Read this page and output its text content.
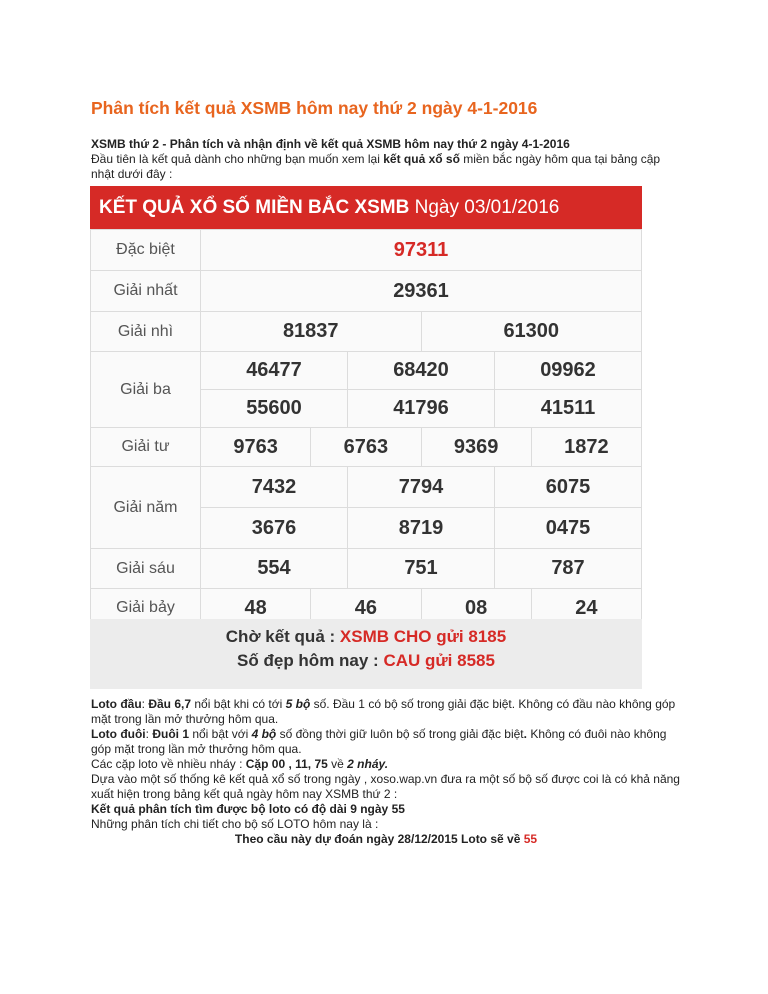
Phân tích kết quả XSMB hôm nay thứ 2 ngày 4-1-2016

XSMB thứ 2 - Phân tích và nhận định về kết quả XSMB hôm nay thứ 2 ngày 4-1-2016

Đầu tiên là kết quả dành cho những bạn muốn xem lại kết quả xổ số miền bắc ngày hôm qua tại bảng cập nhật dưới đây :

KẾT QUẢ XỔ SỐ MIỀN BẮC XSMB Ngày 03/01/2016
Đặc biệt	97311					
Giải nhất	29361					
Giải nhì	81837			61300		
Giải ba	46477		68420		09962	
	55600		41796		41511	
Giải tư	9763	6763		9369		1872
Giải năm	7432		7794		6075	
	3676		8719		0475	
Giải sáu	554		751		787	
Giải bảy	48	46		08		24
Chờ kết quả : XSMB CHO gửi 8185
Số đẹp hôm nay : CAU gửi 8585

Loto đầu: Đầu 6,7 nổi bật khi có tới 5 bộ số. Đầu 1 có bộ số trong giải đặc biệt. Không có đầu nào không góp mặt trong lần mở thưởng hôm qua.

Loto đuôi: Đuôi 1 nổi bật với 4 bộ số đồng thời giữ luôn bộ số trong giải đặc biệt. Không có đuôi nào không góp mặt trong lần mở thưởng hôm qua.

Các cặp loto về nhiều nháy : Cặp 00 , 11, 75 về 2 nháy.

Dựa vào một số thống kê kết quả xổ số trong ngày , xoso.wap.vn đưa ra một số bộ số được coi là có khả năng xuất hiện trong bảng kết quả ngày hôm nay XSMB thứ 2 :

Kết quả phân tích tìm được bộ loto có độ dài 9 ngày 55

Những phân tích chi tiết cho bộ số LOTO hôm nay là :

Theo cầu này dự đoán ngày 28/12/2015 Loto sẽ về 55
